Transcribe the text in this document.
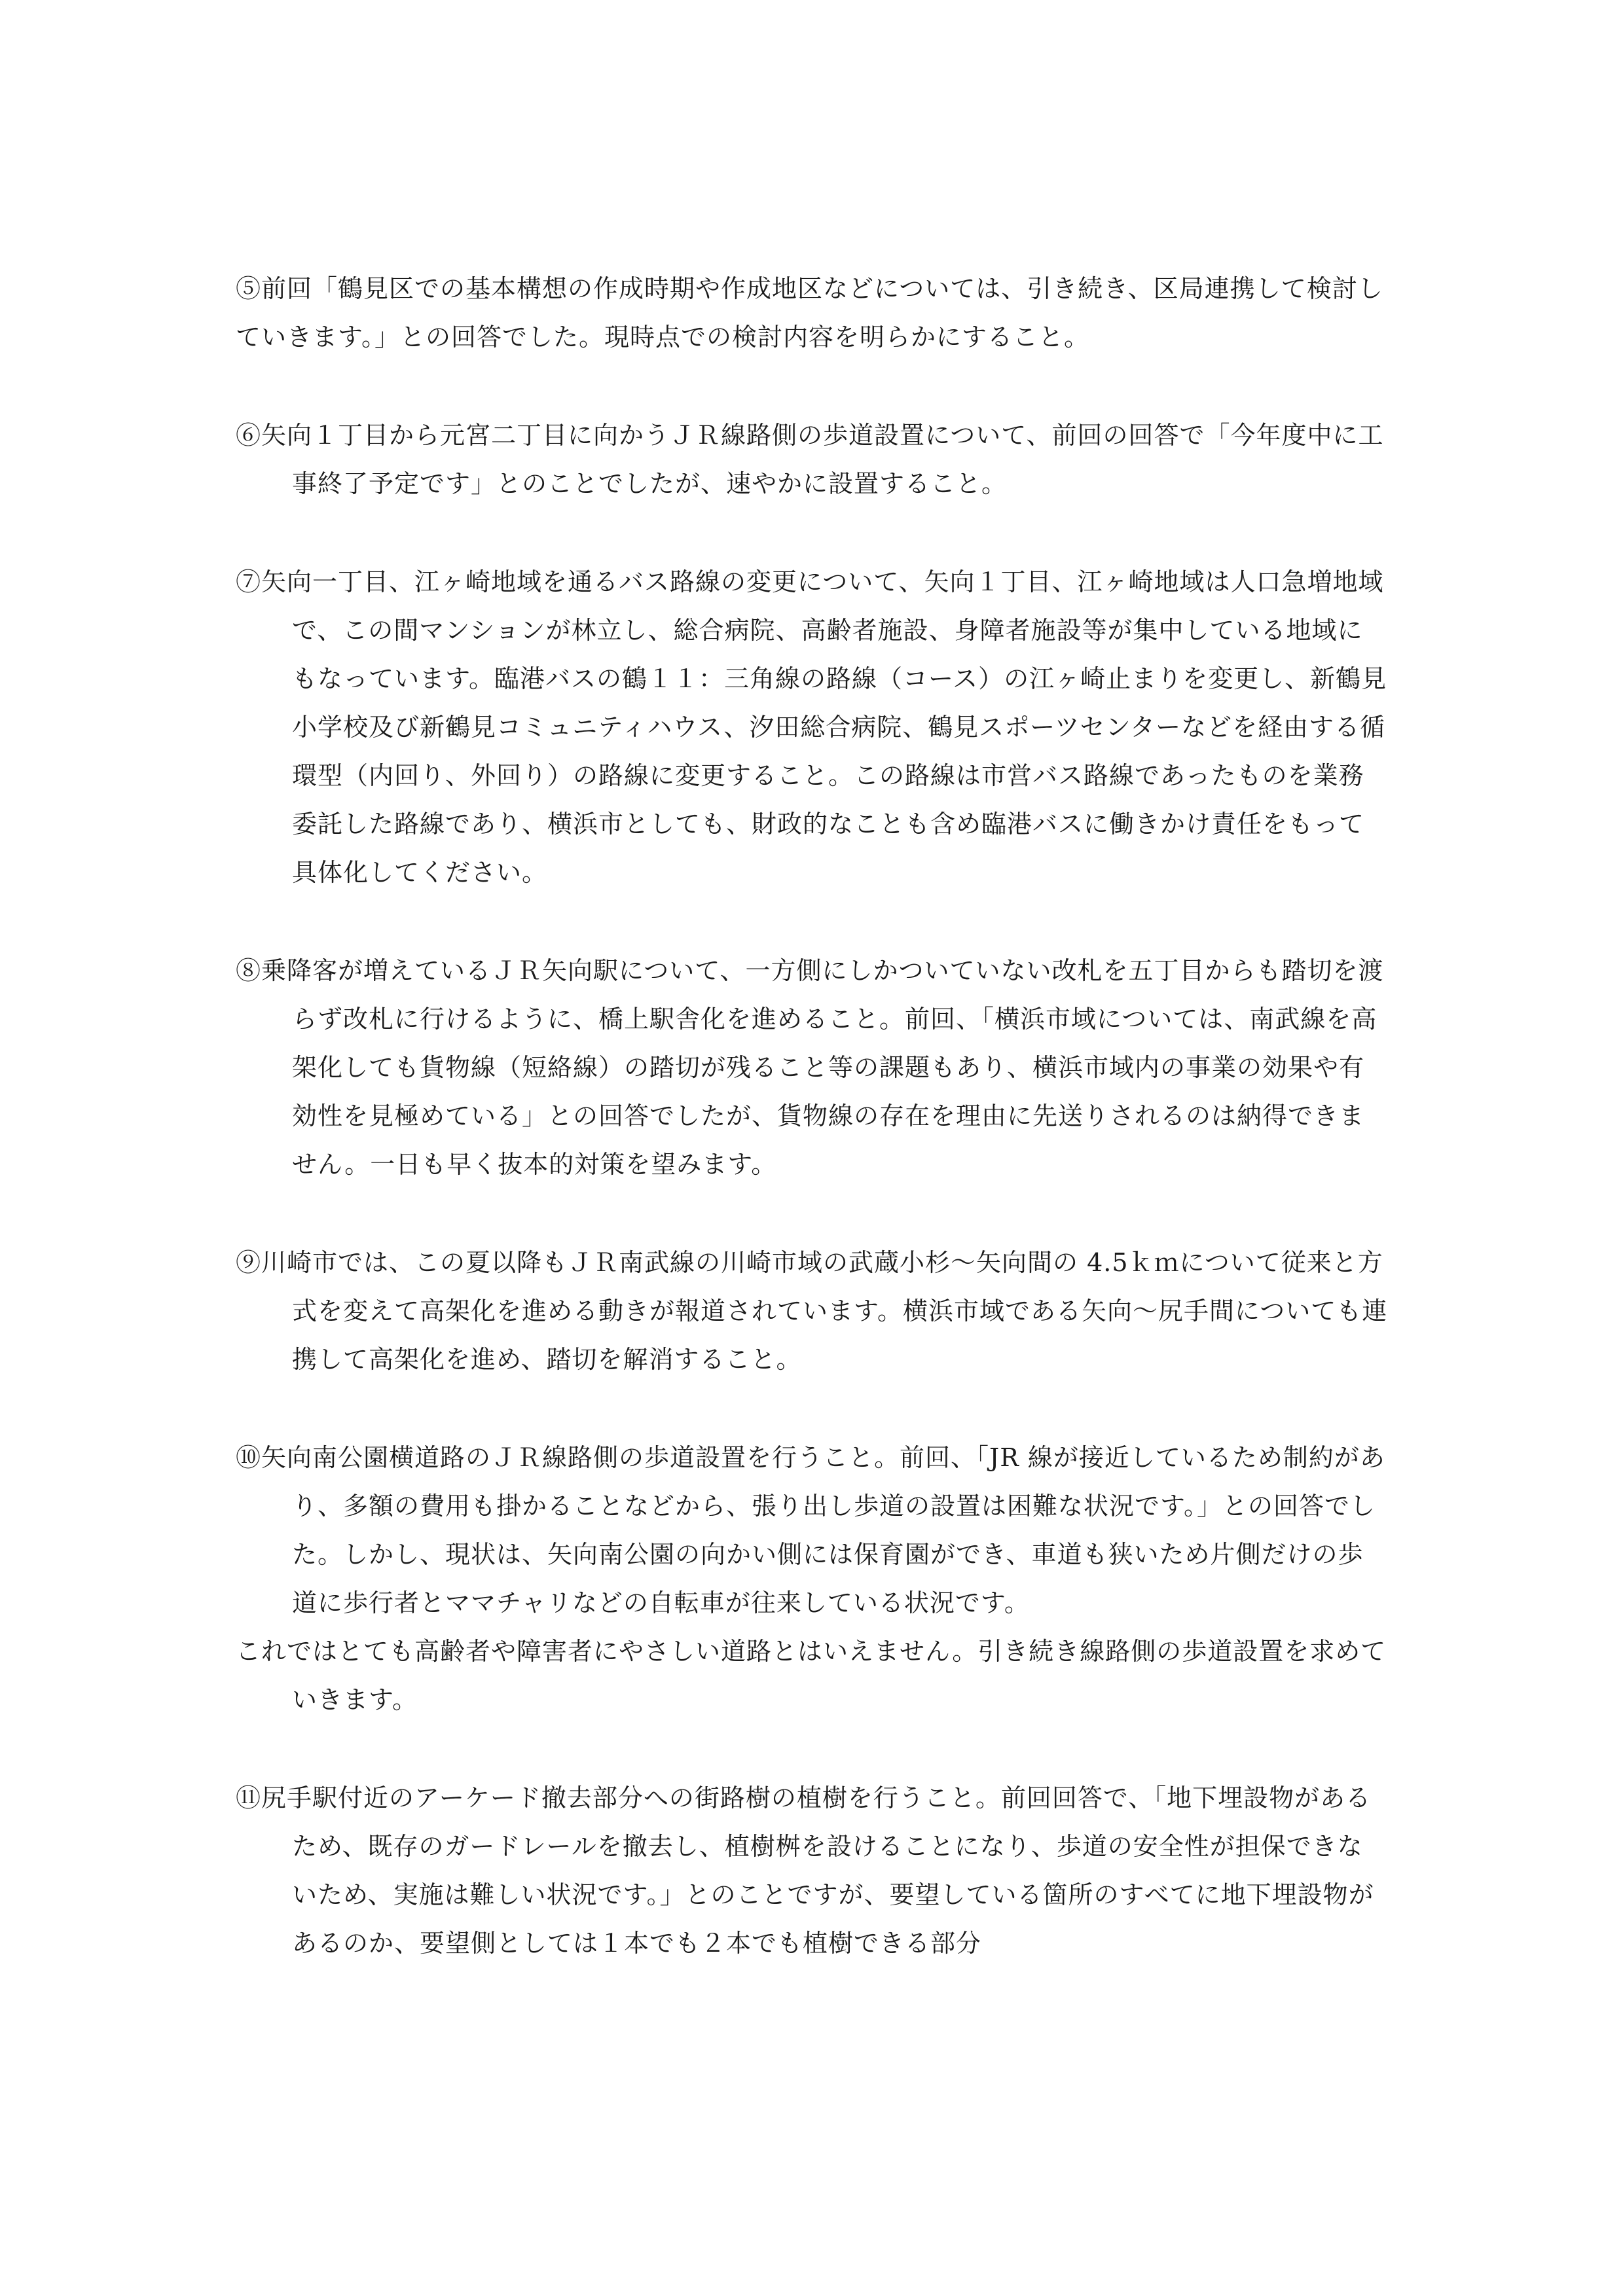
⑤前回「鶴見区での基本構想の作成時期や作成地区などについては、引き続き、区局連携して検討していきます。」との回答でした。現時点での検討内容を明らかにすること。

⑥矢向１丁目から元宮二丁目に向かうＪＲ線路側の歩道設置について、前回の回答で「今年度中に工事終了予定です」とのことでしたが、速やかに設置すること。

⑦矢向一丁目、江ヶ崎地域を通るバス路線の変更について、矢向１丁目、江ヶ崎地域は人口急増地域で、この間マンションが林立し、総合病院、高齢者施設、身障者施設等が集中している地域にもなっています。臨港バスの鶴１１：三角線の路線（コース）の江ヶ崎止まりを変更し、新鶴見小学校及び新鶴見コミュニティハウス、汐田総合病院、鶴見スポーツセンターなどを経由する循環型（内回り、外回り）の路線に変更すること。この路線は市営バス路線であったものを業務委託した路線であり、横浜市としても、財政的なことも含め臨港バスに働きかけ責任をもって具体化してください。

⑧乗降客が増えているＪＲ矢向駅について、一方側にしかついていない改札を五丁目からも踏切を渡らず改札に行けるように、橋上駅舎化を進めること。前回、「横浜市域については、南武線を高架化しても貨物線（短絡線）の踏切が残ること等の課題もあり、横浜市域内の事業の効果や有効性を見極めている」との回答でしたが、貨物線の存在を理由に先送りされるのは納得できません。一日も早く抜本的対策を望みます。

⑨川崎市では、この夏以降もＪＲ南武線の川崎市域の武蔵小杉〜矢向間の 4.5ｋｍについて従来と方式を変えて高架化を進める動きが報道されています。横浜市域である矢向〜尻手間についても連携して高架化を進め、踏切を解消すること。

⑩矢向南公園横道路のＪＲ線路側の歩道設置を行うこと。前回、「JR 線が接近しているため制約があり、多額の費用も掛かることなどから、張り出し歩道の設置は困難な状況です。」との回答でした。しかし、現状は、矢向南公園の向かい側には保育園ができ、車道も狭いため片側だけの歩道に歩行者とママチャリなどの自転車が往来している状況です。

これではとても高齢者や障害者にやさしい道路とはいえません。引き続き線路側の歩道設置を求めていきます。

⑪尻手駅付近のアーケード撤去部分への街路樹の植樹を行うこと。前回回答で、「地下埋設物があるため、既存のガードレールを撤去し、植樹桝を設けることになり、歩道の安全性が担保できないため、実施は難しい状況です。」とのことですが、要望している箇所のすべてに地下埋設物があるのか、要望側としては１本でも２本でも植樹できる部分
